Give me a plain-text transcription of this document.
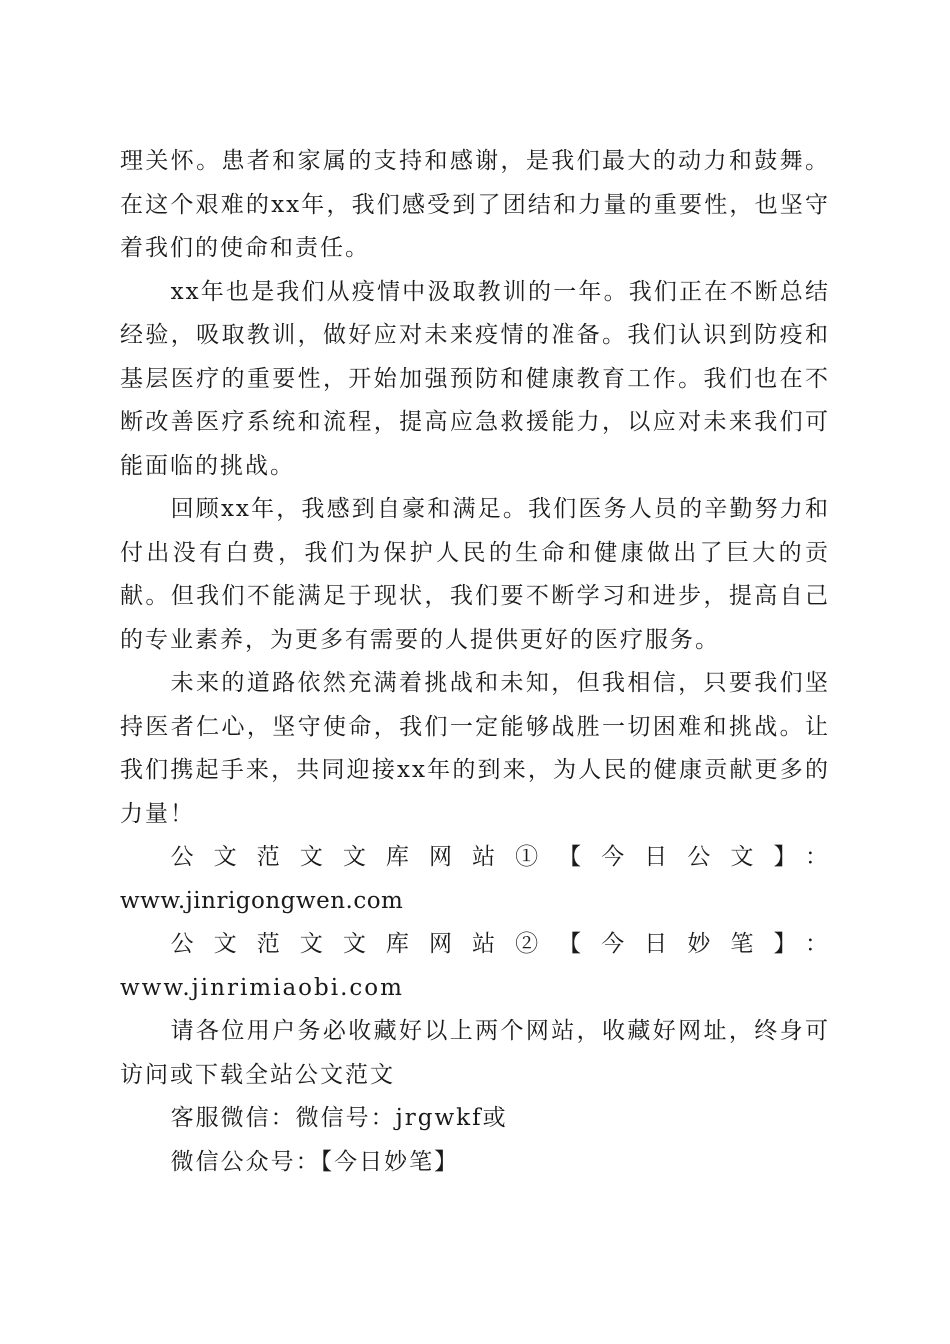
理关怀。患者和家属的支持和感谢，是我们最大的动力和鼓舞。在这个艰难的xx年，我们感受到了团结和力量的重要性，也坚守着我们的使命和责任。

xx年也是我们从疫情中汲取教训的一年。我们正在不断总结经验，吸取教训，做好应对未来疫情的准备。我们认识到防疫和基层医疗的重要性，开始加强预防和健康教育工作。我们也在不断改善医疗系统和流程，提高应急救援能力，以应对未来我们可能面临的挑战。

回顾xx年，我感到自豪和满足。我们医务人员的辛勤努力和付出没有白费，我们为保护人民的生命和健康做出了巨大的贡献。但我们不能满足于现状，我们要不断学习和进步，提高自己的专业素养，为更多有需要的人提供更好的医疗服务。

未来的道路依然充满着挑战和未知，但我相信，只要我们坚持医者仁心，坚守使命，我们一定能够战胜一切困难和挑战。让我们携起手来，共同迎接xx年的到来，为人民的健康贡献更多的力量！

公文范文文库网站①【今日公文】：
www.jinrigongwen.com

公文范文文库网站②【今日妙笔】：www.jinrimiaobi.com

请各位用户务必收藏好以上两个网站，收藏好网址，终身可访问或下载全站公文范文

客服微信：微信号：jrgwkf或

微信公众号：【今日妙笔】
